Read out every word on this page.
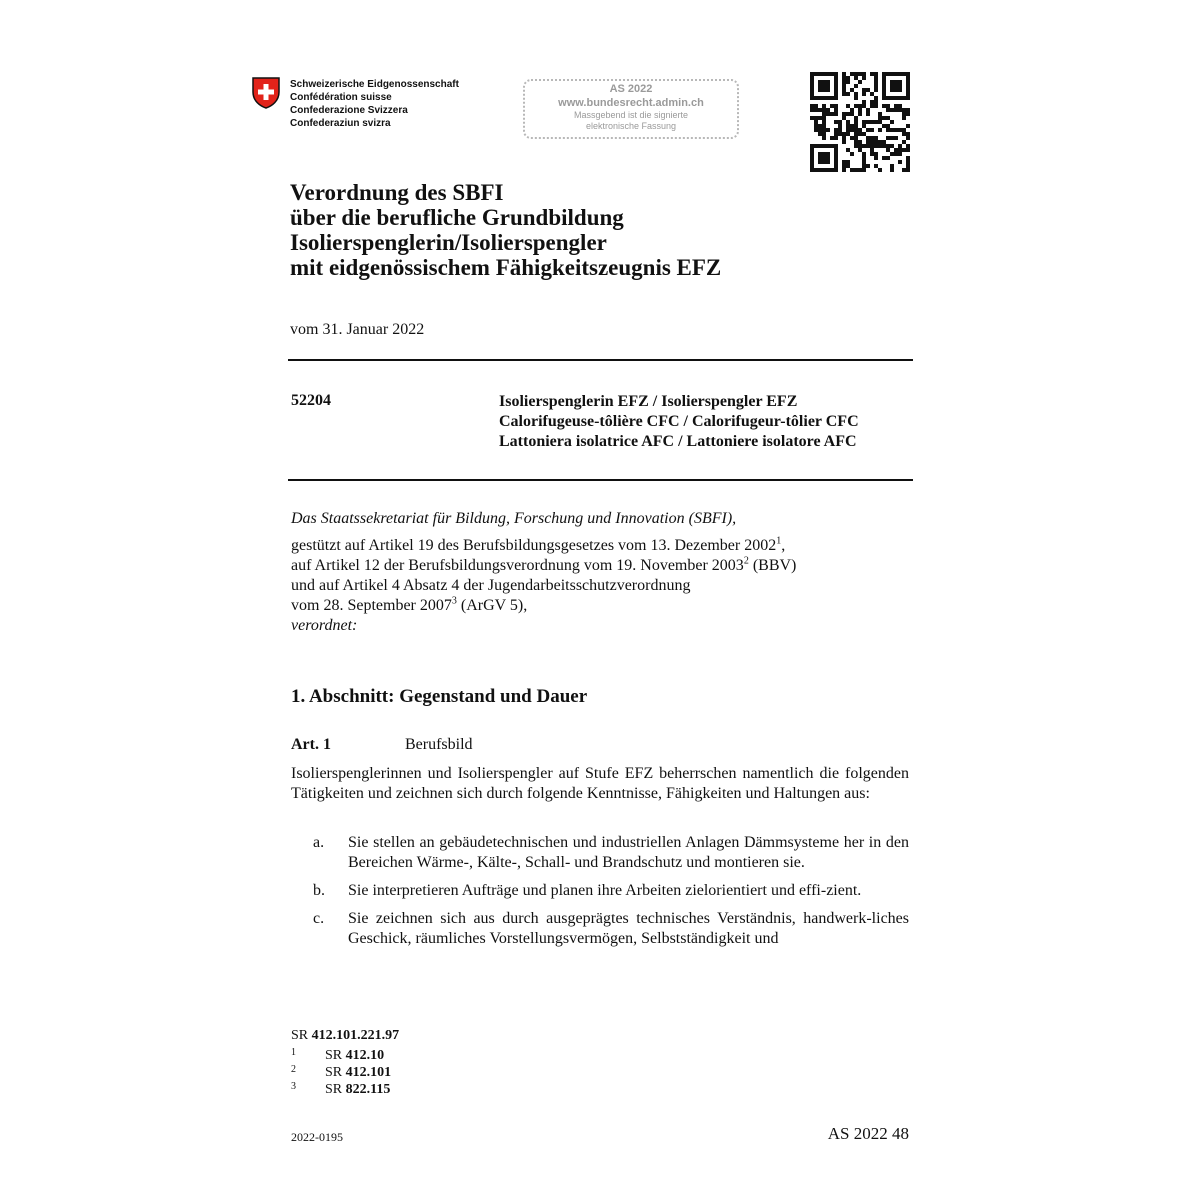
Schweizerische Eidgenossenschaft
Confédération suisse
Confederazione Svizzera
Confederaziun svizra
AS 2022
www.bundesrecht.admin.ch
Massgebend ist die signierte
elektronische Fassung
Verordnung des SBFI
über die berufliche Grundbildung
Isolierspenglerin/Isolierspengler
mit eidgenössischem Fähigkeitszeugnis EFZ
vom 31. Januar 2022
52204	Isolierspenglerin EFZ / Isolierspengler EFZ
Calorifugeuse-tôlière CFC / Calorifugeur-tôlier CFC
Lattoniera isolatrice AFC / Lattoniere isolatore AFC
Das Staatssekretariat für Bildung, Forschung und Innovation (SBFI),
gestützt auf Artikel 19 des Berufsbildungsgesetzes vom 13. Dezember 2002$^1$,
auf Artikel 12 der Berufsbildungsverordnung vom 19. November 2003$^2$ (BBV)
und auf Artikel 4 Absatz 4 der Jugendarbeitsschutzverordnung
vom 28. September 2007$^3$ (ArGV 5),
verordnet:
1. Abschnitt: Gegenstand und Dauer
Art. 1	Berufsbild
Isolierspenglerinnen und Isolierspengler auf Stufe EFZ beherrschen namentlich die folgenden Tätigkeiten und zeichnen sich durch folgende Kenntnisse, Fähigkeiten und Haltungen aus:
a.	Sie stellen an gebäudetechnischen und industriellen Anlagen Dämmsysteme her in den Bereichen Wärme-, Kälte-, Schall- und Brandschutz und montieren sie.
b.	Sie interpretieren Aufträge und planen ihre Arbeiten zielorientiert und effi-zient.
c.	Sie zeichnen sich aus durch ausgeprägtes technisches Verständnis, handwerk-liches Geschick, räumliches Vorstellungsvermögen, Selbstständigkeit und
SR 412.101.221.97
1 SR 412.10
2 SR 412.101
3 SR 822.115
2022-0195	AS 2022 48
